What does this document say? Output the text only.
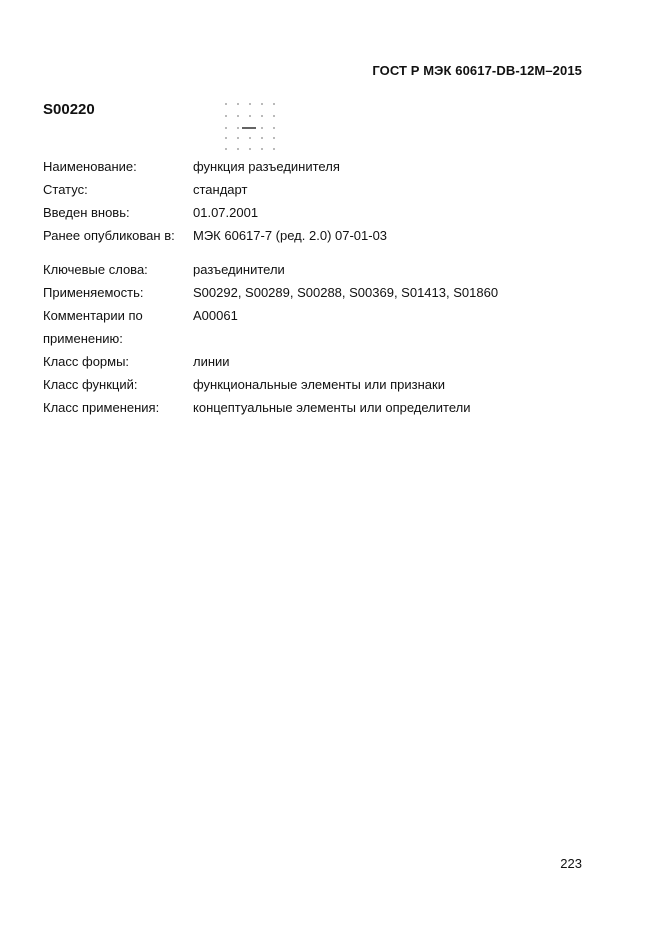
ГОСТ Р МЭК 60617-DB-12M–2015
S00220
Наименование:	функция разъединителя
Статус:	стандарт
Введен вновь:	01.07.2001
Ранее опубликован в:	МЭК 60617-7 (ред. 2.0) 07-01-03
Ключевые слова:	разъединители
Применяемость:	S00292, S00289, S00288, S00369, S01413, S01860
Комментарии по	A00061
применению:
Класс формы:	линии
Класс функций:	функциональные элементы или признаки
Класс применения:	концептуальные элементы или определители
223
